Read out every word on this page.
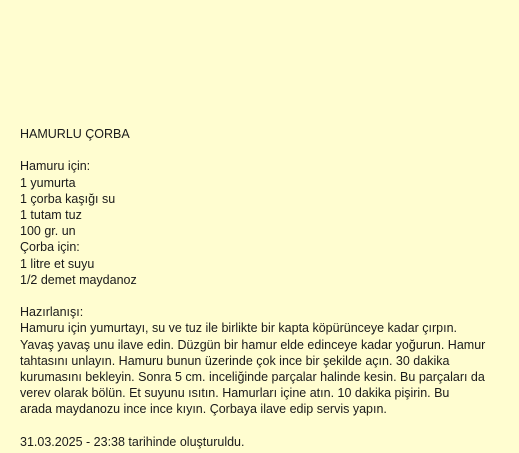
HAMURLU ÇORBA
Hamuru için:
1 yumurta
1 çorba kaşığı su
1 tutam tuz
100 gr. un
Çorba için:
1 litre et suyu
1/2 demet maydanoz
Hazırlanışı:
Hamuru için yumurtayı, su ve tuz ile birlikte bir kapta köpürünceye kadar çırpın.
Yavaş yavaş unu ilave edin. Düzgün bir hamur elde edinceye kadar yoğurun. Hamur
tahtasını unlayın. Hamuru bunun üzerinde çok ince bir şekilde açın. 30 dakika
kurumasını bekleyin. Sonra 5 cm. inceliğinde parçalar halinde kesin. Bu parçaları da
verev olarak bölün. Et suyunu ısıtın. Hamurları içine atın. 10 dakika pişirin. Bu
arada maydanozu ince ince kıyın. Çorbaya ilave edip servis yapın.
31.03.2025 - 23:38 tarihinde oluşturuldu.
